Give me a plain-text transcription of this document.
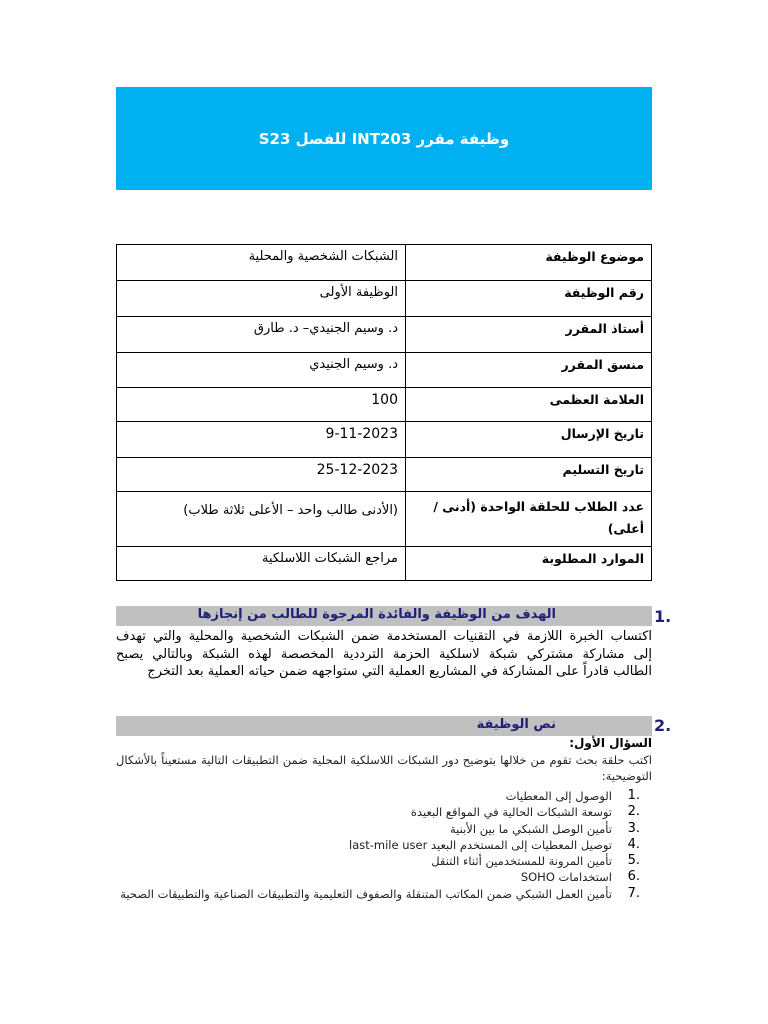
وظيفة مقرر INT203 للفصل S23
موضوع الوظيفة	الشبكات الشخصية والمحلية
رقم الوظيفة	الوظيفة الأولى
أستاذ المقرر	د. وسيم الجنيدي– د. طارق
منسق المقرر	د. وسيم الجنيدي
العلامة العظمى	100
تاريخ الإرسال	9-11-2023
تاريخ التسليم	25-12-2023
عدد الطلاب للحلقة الواحدة (أدنى / أعلى)	(الأدنى طالب واحد – الأعلى ثلاثة طلاب)
الموارد المطلوبة	مراجع الشبكات اللاسلكية
الهدف من الوظيفة والفائدة المرجوة للطالب من إنجازها	1.
اكتساب الخبرة اللازمة في التقنيات المستخدمة ضمن الشبكات الشخصية والمحلية والتي تهدف
إلى مشاركة مشتركي شبكة لاسلكية الحزمة الترددية المخصصة لهذه الشبكة وبالتالي يصبح
الطالب قادراً على المشاركة في المشاريع العملية التي ستواجهه ضمن حياته العملية بعد التخرج
نص الوظيفة	2.
السؤال الأول:
اكتب حلقة بحث تقوم من خلالها بتوضيح دور الشبكات اللاسلكية المحلية ضمن التطبيقات التالية مستعيناً بالأشكال التوضيحية:
1.
الوصول إلى المعطيات
2.
توسعة الشبكات الحالية في المواقع البعيدة
3.
تأمين الوصل الشبكي ما بين الأبنية
4.
توصيل المعطيات إلى المستخدم البعيد last-mile user
5.
تأمين المرونة للمستخدمين أثناء التنقل
6.
استخدامات SOHO
7.
تأمين العمل الشبكي ضمن المكاتب المتنقلة والصفوف التعليمية والتطبيقات الصناعية والتطبيقات الصحية
